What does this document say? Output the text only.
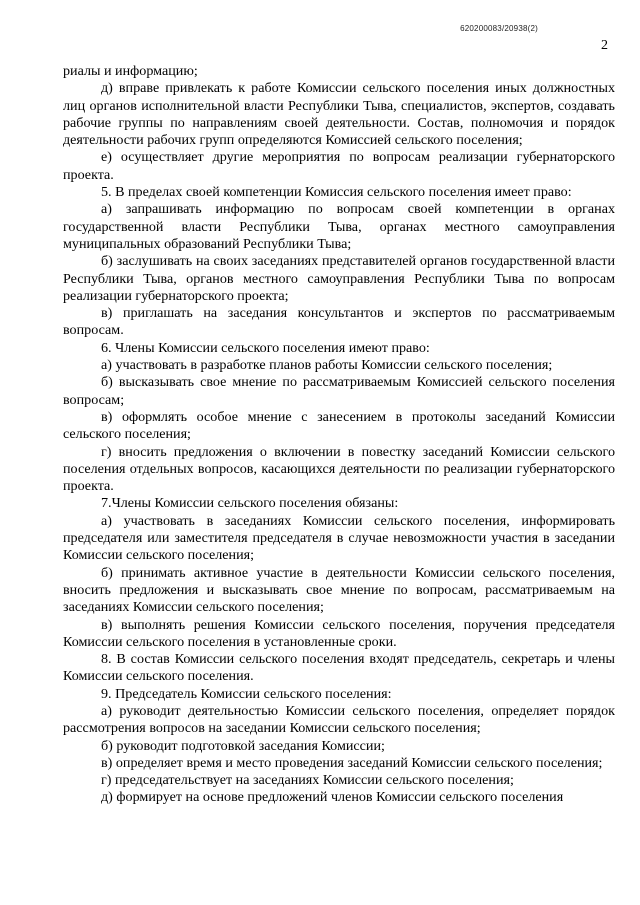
620200083/20938(2)
2

риалы и информацию;

д) вправе привлекать к работе Комиссии сельского поселения иных должностных лиц органов исполнительной власти Республики Тыва, специалистов, экспертов, создавать рабочие группы по направлениям своей деятельности. Состав, полномочия и порядок деятельности рабочих групп определяются Комиссией сельского поселения;

е) осуществляет другие мероприятия по вопросам реализации губернаторского проекта.

5. В пределах своей компетенции Комиссия сельского поселения имеет право:

а) запрашивать информацию по вопросам своей компетенции в органах государственной власти Республики Тыва, органах местного самоуправления муниципальных образований Республики Тыва;

б) заслушивать на своих заседаниях представителей органов государственной власти Республики Тыва, органов местного самоуправления Республики Тыва по вопросам реализации губернаторского проекта;

в) приглашать на заседания консультантов и экспертов по рассматриваемым вопросам.

6. Члены Комиссии сельского поселения имеют право:

а) участвовать в разработке планов работы Комиссии сельского поселения;

б) высказывать свое мнение по рассматриваемым Комиссией сельского поселения вопросам;

в) оформлять особое мнение с занесением в протоколы заседаний Комиссии сельского поселения;

г) вносить предложения о включении в повестку заседаний Комиссии сельского поселения отдельных вопросов, касающихся деятельности по реализации губернаторского проекта.

7.Члены Комиссии сельского поселения обязаны:

а) участвовать в заседаниях Комиссии сельского поселения, информировать председателя или заместителя председателя в случае невозможности участия в заседании Комиссии сельского поселения;

б) принимать активное участие в деятельности Комиссии сельского поселения, вносить предложения и высказывать свое мнение по вопросам, рассматриваемым на заседаниях Комиссии сельского поселения;

в) выполнять решения Комиссии сельского поселения, поручения председателя Комиссии сельского поселения в установленные сроки.

8. В состав Комиссии сельского поселения входят председатель, секретарь и члены Комиссии сельского поселения.

9. Председатель Комиссии сельского поселения:

а) руководит деятельностью Комиссии сельского поселения, определяет порядок рассмотрения вопросов на заседании Комиссии сельского поселения;

б) руководит подготовкой заседания Комиссии;

в) определяет время и место проведения заседаний Комиссии сельского поселения;

г) председательствует на заседаниях Комиссии сельского поселения;

д) формирует на основе предложений членов Комиссии сельского поселения
